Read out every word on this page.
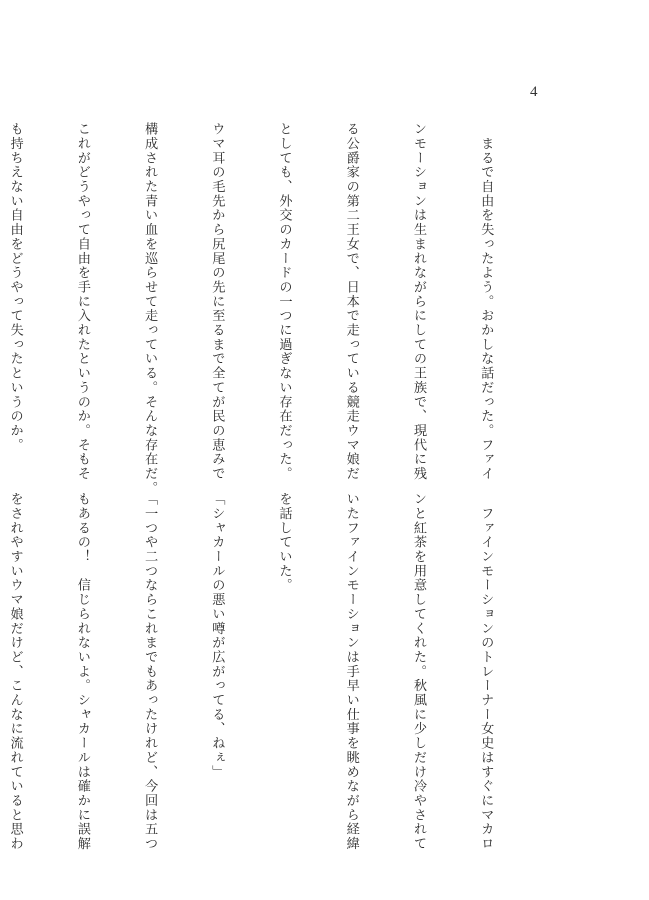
4

　まるで自由を失ったよう。おかしな話だった。ファイ

ンモーションは生まれながらにしての王族で、現代に残

る公爵家の第二王女で、日本で走っている競走ウマ娘だ

としても、外交のカードの一つに過ぎない存在だった。

ウマ耳の毛先から尻尾の先に至るまで全てが民の恵みで

構成された青い血を巡らせて走っている。そんな存在だ。

これがどうやって自由を手に入れたというのか。そもそ

も持ちえない自由をどうやって失ったというのか。

　ファインモーションのトレーナー女史はすぐにマカロ

ンと紅茶を用意してくれた。秋風に少しだけ冷やされて

いたファインモーションは手早い仕事を眺めながら経緯

を話していた。

「シャカールの悪い噂が広がってる、ねぇ」

「一つや二つならこれまでもあったけれど、今回は五つ

もあるの！　信じられないよ。シャカールは確かに誤解

をされやすいウマ娘だけど、こんなに流れていると思わ
